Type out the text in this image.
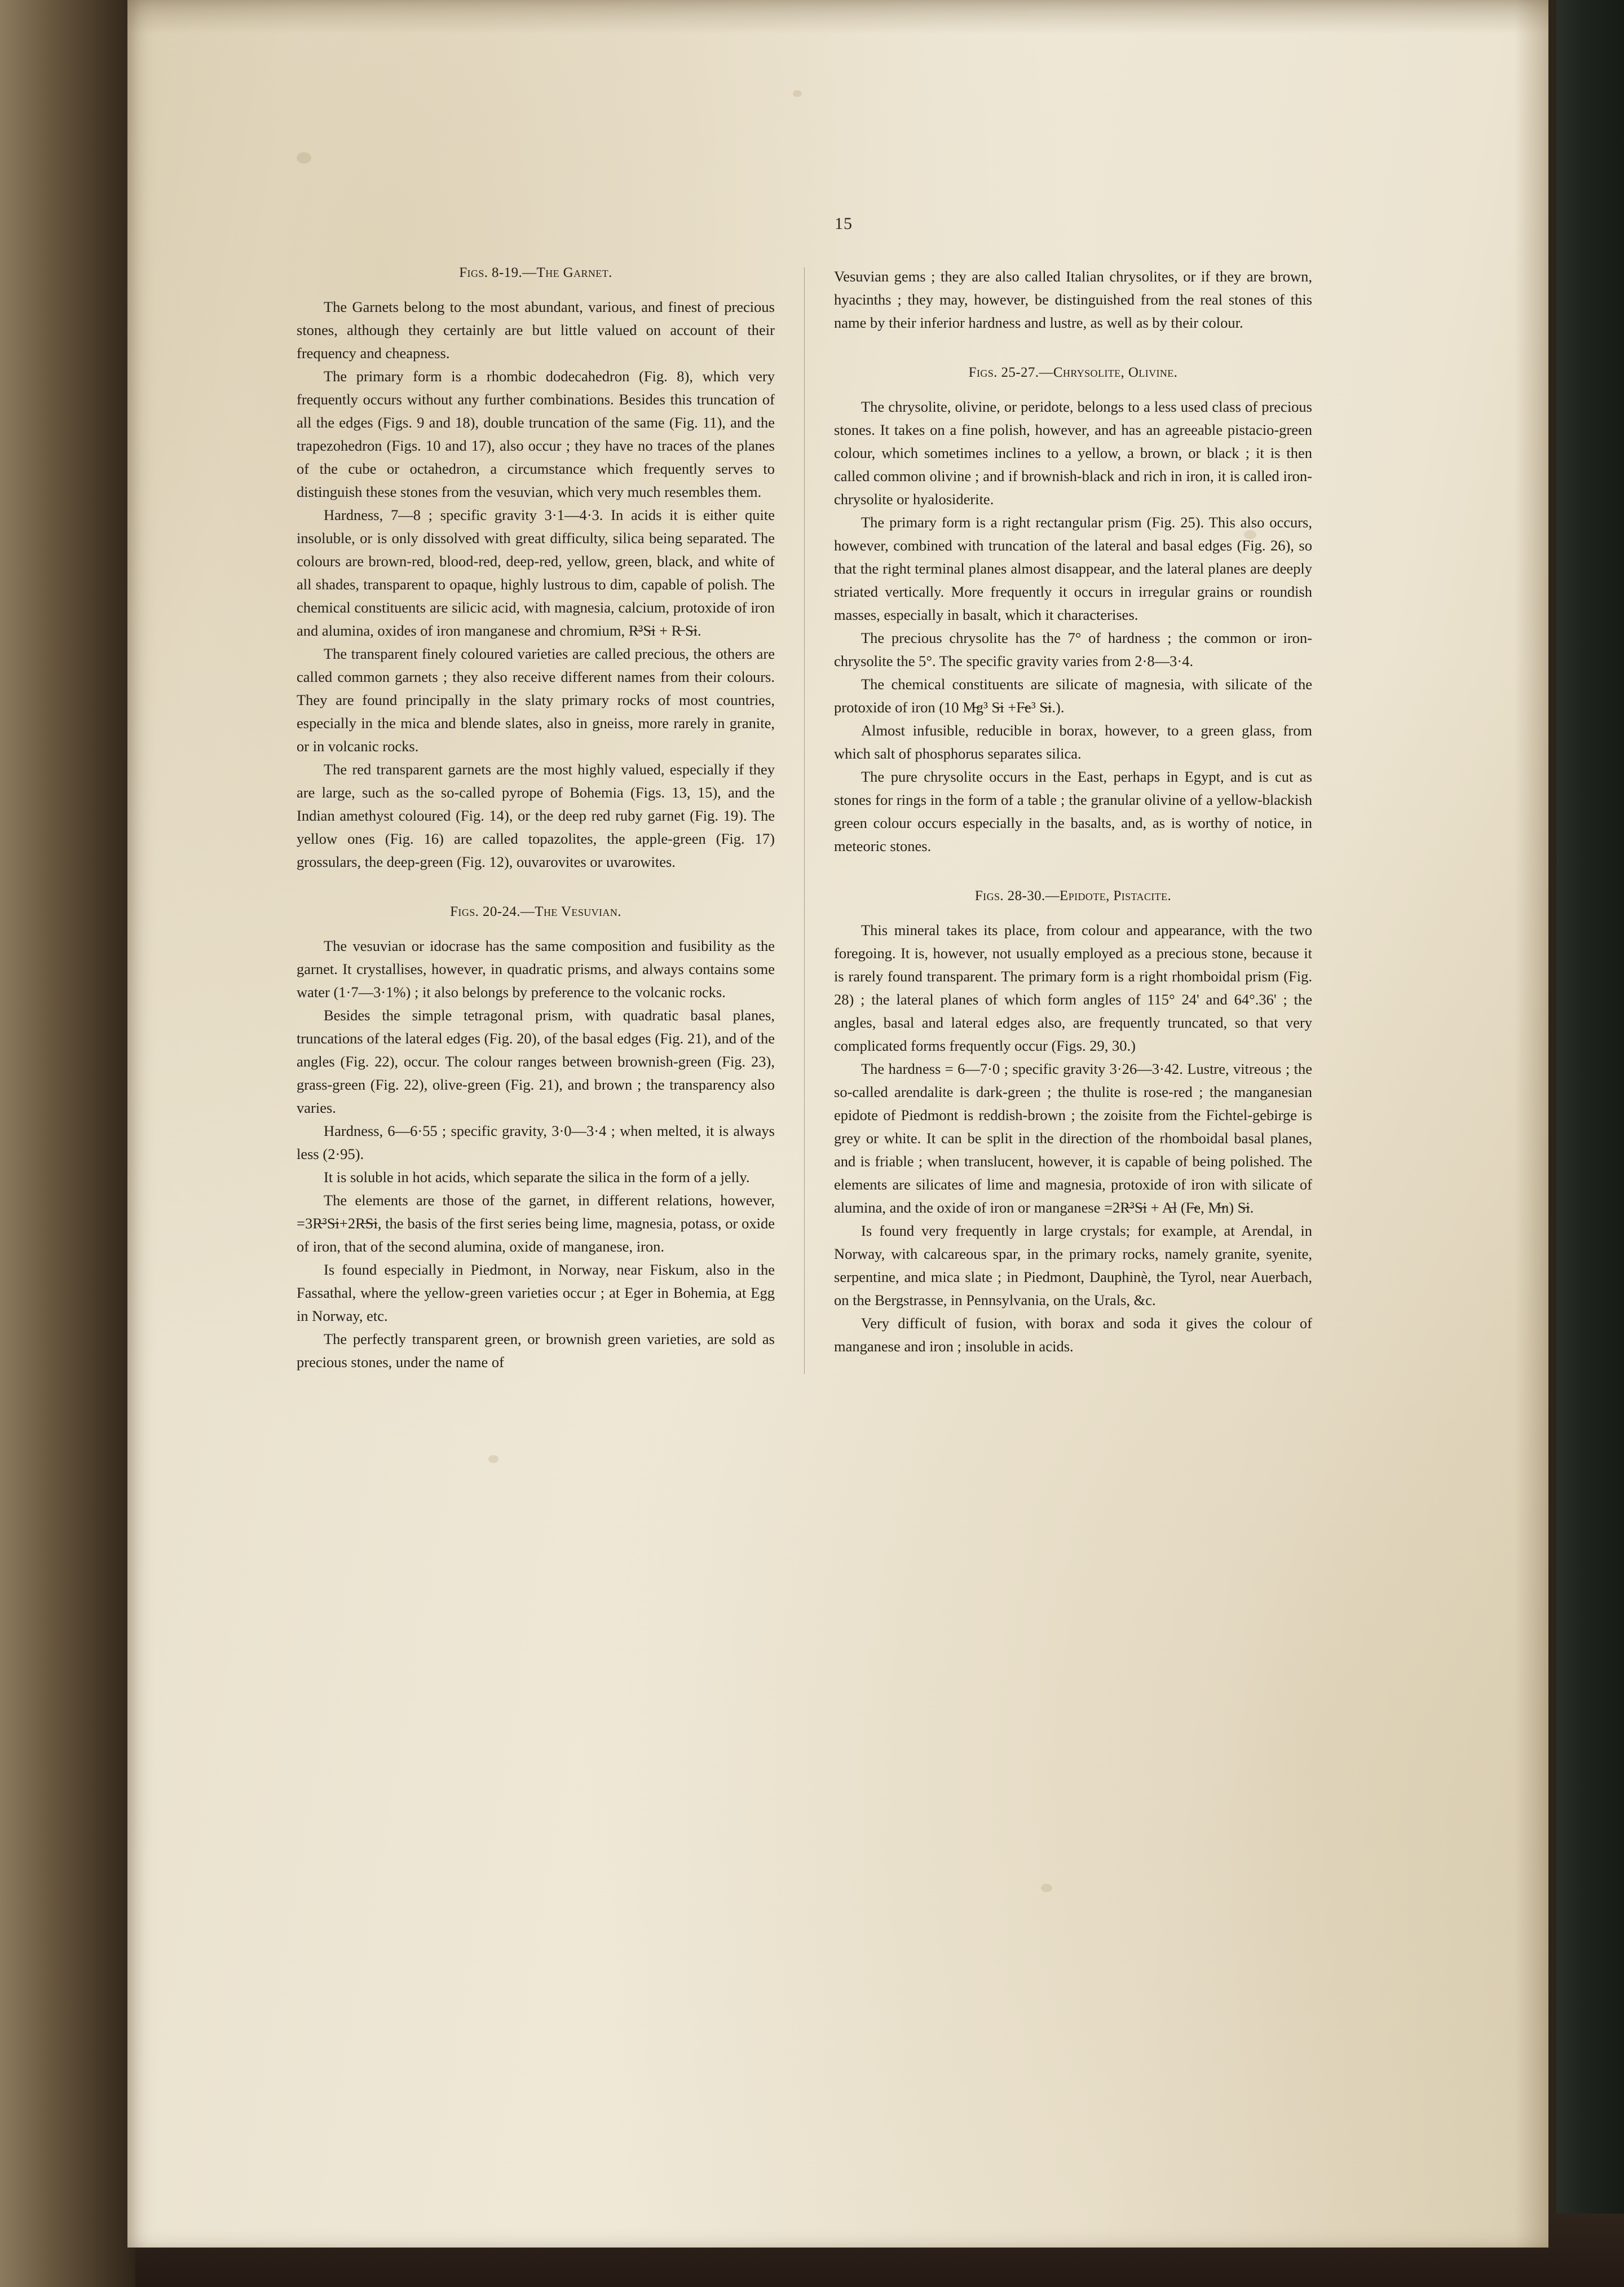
15
Figs. 8-19.—The Garnet.

The Garnets belong to the most abundant, various, and finest of precious stones, although they certainly are but little valued on account of their frequency and cheapness.

The primary form is a rhombic dodecahedron (Fig. 8), which very frequently occurs without any further combinations. Besides this truncation of all the edges (Figs. 9 and 18), double truncation of the same (Fig. 11), and the trapezohedron (Figs. 10 and 17), also occur ; they have no traces of the planes of the cube or octahedron, a circumstance which frequently serves to distinguish these stones from the vesuvian, which very much resembles them.

Hardness, 7—8 ; specific gravity 3·1—4·3. In acids it is either quite insoluble, or is only dissolved with great difficulty, silica being separated. The colours are brown-red, blood-red, deep-red, yellow, green, black, and white of all shades, transparent to opaque, highly lustrous to dim, capable of polish. The chemical constituents are silicic acid, with magnesia, calcium, protoxide of iron and alumina, oxides of iron manganese and chromium, R̶³S̶i + R̶ S̶i.

The transparent finely coloured varieties are called precious, the others are called common garnets ; they also receive different names from their colours. They are found principally in the slaty primary rocks of most countries, especially in the mica and blende slates, also in gneiss, more rarely in granite, or in volcanic rocks.

The red transparent garnets are the most highly valued, especially if they are large, such as the so-called pyrope of Bohemia (Figs. 13, 15), and the Indian amethyst coloured (Fig. 14), or the deep red ruby garnet (Fig. 19). The yellow ones (Fig. 16) are called topazolites, the apple-green (Fig. 17) grossulars, the deep-green (Fig. 12), ouvarovites or uvarowites.

Figs. 20-24.—The Vesuvian.

The vesuvian or idocrase has the same composition and fusibility as the garnet. It crystallises, however, in quadratic prisms, and always contains some water (1·7—3·1%) ; it also belongs by preference to the volcanic rocks.

Besides the simple tetragonal prism, with quadratic basal planes, truncations of the lateral edges (Fig. 20), of the basal edges (Fig. 21), and of the angles (Fig. 22), occur. The colour ranges between brownish-green (Fig. 23), grass-green (Fig. 22), olive-green (Fig. 21), and brown ; the transparency also varies.

Hardness, 6—6·55 ; specific gravity, 3·0—3·4 ; when melted, it is always less (2·95).

It is soluble in hot acids, which separate the silica in the form of a jelly.

The elements are those of the garnet, in different relations, however, =3R̶³S̶i+2R̶S̶i, the basis of the first series being lime, magnesia, potass, or oxide of iron, that of the second alumina, oxide of manganese, iron.

Is found especially in Piedmont, in Norway, near Fiskum, also in the Fassathal, where the yellow-green varieties occur ; at Eger in Bohemia, at Egg in Norway, etc.

The perfectly transparent green, or brownish green varieties, are sold as precious stones, under the name of

Vesuvian gems ; they are also called Italian chrysolites, or if they are brown, hyacinths ; they may, however, be distinguished from the real stones of this name by their inferior hardness and lustre, as well as by their colour.

Figs. 25-27.—Chrysolite, Olivine.

The chrysolite, olivine, or peridote, belongs to a less used class of precious stones. It takes on a fine polish, however, and has an agreeable pistacio-green colour, which sometimes inclines to a yellow, a brown, or black ; it is then called common olivine ; and if brownish-black and rich in iron, it is called iron-chrysolite or hyalosiderite.

The primary form is a right rectangular prism (Fig. 25). This also occurs, however, combined with truncation of the lateral and basal edges (Fig. 26), so that the right terminal planes almost disappear, and the lateral planes are deeply striated vertically. More frequently it occurs in irregular grains or roundish masses, especially in basalt, which it characterises.

The precious chrysolite has the 7° of hardness ; the common or iron-chrysolite the 5°. The specific gravity varies from 2·8—3·4.

The chemical constituents are silicate of magnesia, with silicate of the protoxide of iron (10 M̶g³ S̶i +F̶e³ S̶i.).

Almost infusible, reducible in borax, however, to a green glass, from which salt of phosphorus separates silica.

The pure chrysolite occurs in the East, perhaps in Egypt, and is cut as stones for rings in the form of a table ; the granular olivine of a yellow-blackish green colour occurs especially in the basalts, and, as is worthy of notice, in meteoric stones.

Figs. 28-30.—Epidote, Pistacite.

This mineral takes its place, from colour and appearance, with the two foregoing. It is, however, not usually employed as a precious stone, because it is rarely found transparent. The primary form is a right rhomboidal prism (Fig. 28) ; the lateral planes of which form angles of 115° 24' and 64°.36' ; the angles, basal and lateral edges also, are frequently truncated, so that very complicated forms frequently occur (Figs. 29, 30.)

The hardness = 6—7·0 ; specific gravity 3·26—3·42. Lustre, vitreous ; the so-called arendalite is dark-green ; the thulite is rose-red ; the manganesian epidote of Piedmont is reddish-brown ; the zoisite from the Fichtel-gebirge is grey or white. It can be split in the direction of the rhomboidal basal planes, and is friable ; when translucent, however, it is capable of being polished. The elements are silicates of lime and magnesia, protoxide of iron with silicate of alumina, and the oxide of iron or manganese =2R̶³S̶i + A̶l (F̶e, M̶n) S̶i.

Is found very frequently in large crystals; for example, at Arendal, in Norway, with calcareous spar, in the primary rocks, namely granite, syenite, serpentine, and mica slate ; in Piedmont, Dauphinè, the Tyrol, near Auerbach, on the Bergstrasse, in Pennsylvania, on the Urals, &c.

Very difficult of fusion, with borax and soda it gives the colour of manganese and iron ; insoluble in acids.
